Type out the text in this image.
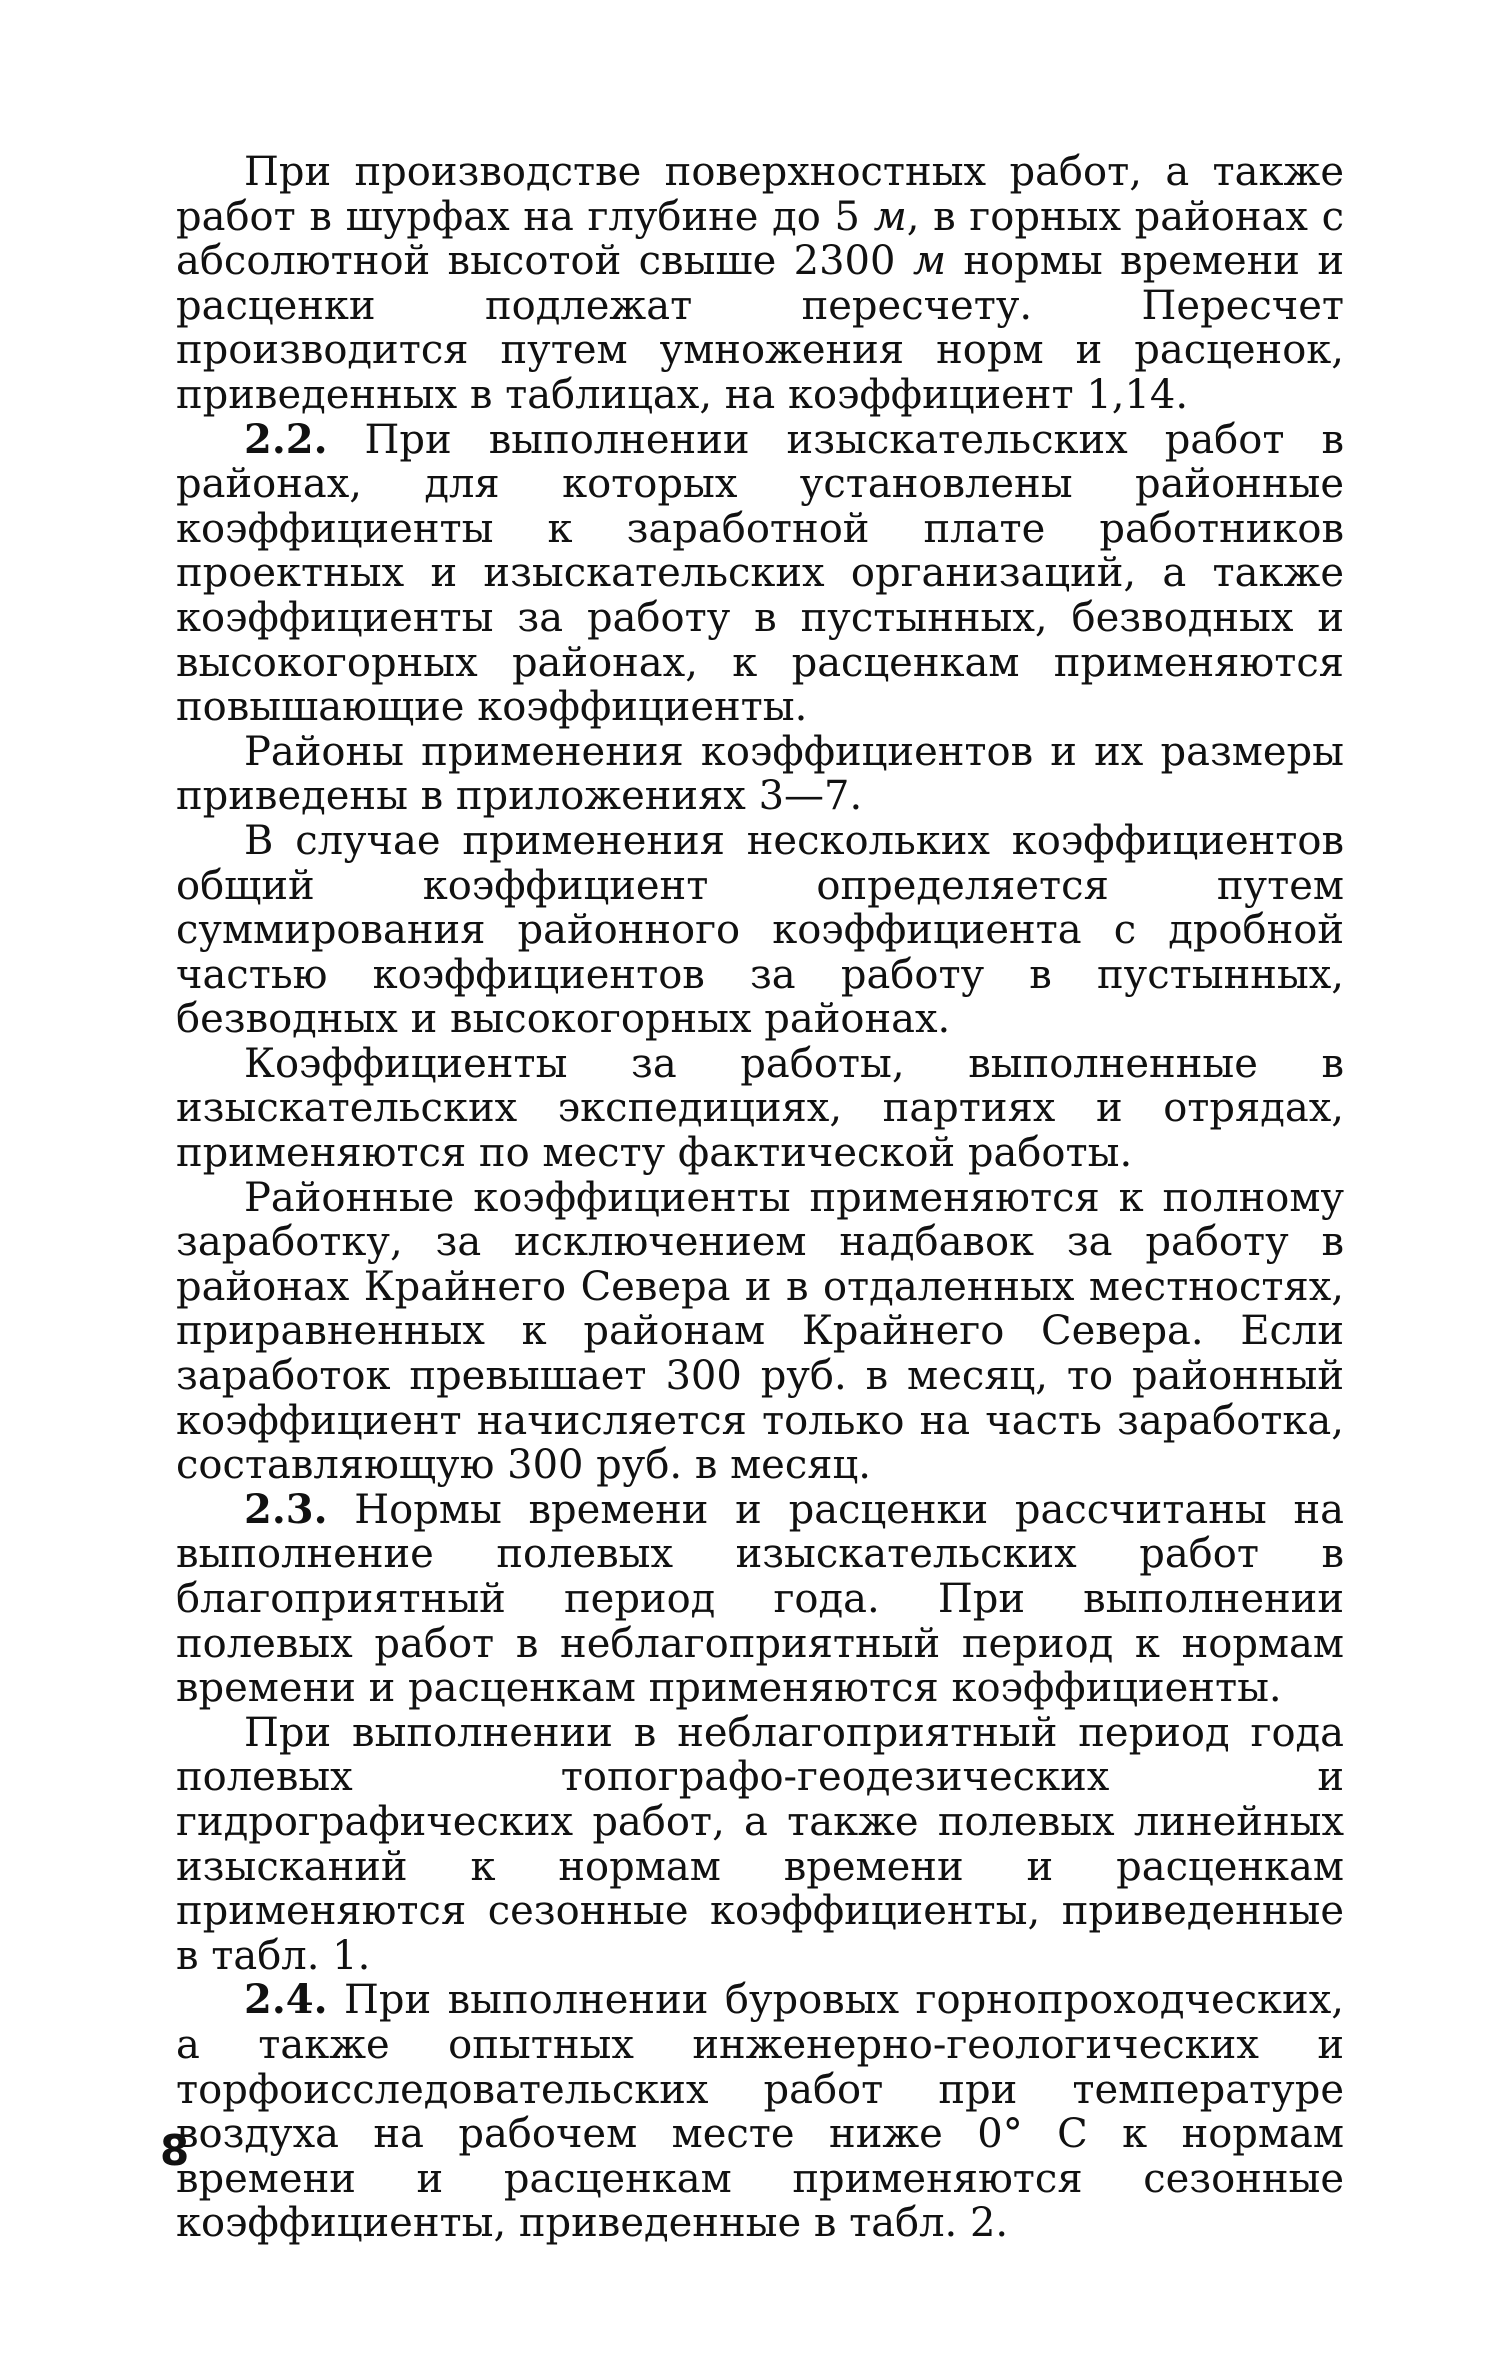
При производстве поверхностных работ, а также работ в шурфах на глубине до 5 м, в горных районах с абсолютной высотой свыше 2300 м нормы времени и расценки подлежат пересчету. Пересчет производится путем умножения норм и расценок, приведенных в таблицах, на коэффициент 1,14.

2.2. При выполнении изыскательских работ в районах, для которых установлены районные коэффициенты к заработной плате работников проектных и изыскательских организаций, а также коэффициенты за работу в пустынных, безводных и высокогорных районах, к расценкам применяются повышающие коэффициенты.

Районы применения коэффициентов и их размеры приведены в приложениях 3—7.

В случае применения нескольких коэффициентов общий коэффициент определяется путем суммирования районного коэффициента с дробной частью коэффициентов за работу в пустынных, безводных и высокогорных районах.

Коэффициенты за работы, выполненные в изыскательских экспедициях, партиях и отрядах, применяются по месту фактической работы.

Районные коэффициенты применяются к полному заработку, за исключением надбавок за работу в районах Крайнего Севера и в отдаленных местностях, приравненных к районам Крайнего Севера. Если заработок превышает 300 руб. в месяц, то районный коэффициент начисляется только на часть заработка, составляющую 300 руб. в месяц.

2.3. Нормы времени и расценки рассчитаны на выполнение полевых изыскательских работ в благоприятный период года. При выполнении полевых работ в неблагоприятный период к нормам времени и расценкам применяются коэффициенты.

При выполнении в неблагоприятный период года полевых топографо-геодезических и гидрографических работ, а также полевых линейных изысканий к нормам времени и расценкам применяются сезонные коэффициенты, приведенные в табл. 1.

2.4. При выполнении буровых горнопроходческих, а также опытных инженерно-геологических и торфоисследовательских работ при температуре воздуха на рабочем месте ниже 0° С к нормам времени и расценкам применяются сезонные коэффициенты, приведенные в табл. 2.

8
